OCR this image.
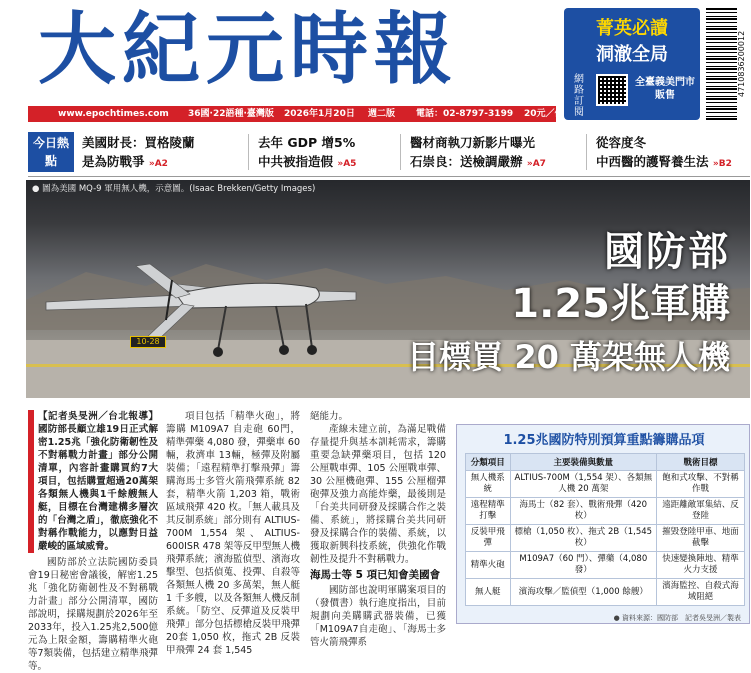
大紀元時報	菁英必讀
洞澈全局
網路訂閱
全臺義美門市販售	4710836200012
www.epochtimes.com 36國·22語種·臺灣版 2026年1月20日 週二版 電話：02-8797-3199 20元／份
今日熱點
美國財長：買格陵蘭
是為防戰爭 »A2
去年 GDP 增5%
中共被指造假 »A5
醫材商執刀新影片曝光
石崇良：送檢調嚴辦 »A7
從容度冬
中西醫的護腎養生法 »B2
● 圖為美國 MQ-9 軍用無人機，示意圖。(Isaac Brekken/Getty Images)
10-28
國防部
1.25兆軍購
目標買 20 萬架無人機
【記者吳旻洲／台北報導】國防部長顧立雄19日正式解密1.25兆「強化防衛韌性及不對稱戰力計畫」部分公開清單，內容計畫購買約7大項目，包括購置超過20萬架各類無人機與1千餘艘無人艇，目標在台灣建構多層次的「台灣之盾」，徹底強化不對稱作戰能力，以應對日益嚴峻的區域威脅。
國防部於立法院國防委員會19日秘密會議後，解密1.25兆「強化防衛韌性及不對稱戰力計畫」部分公開清單，國防部說明，採購規劃於2026年至2033年，投入1.25兆2,500億元為上限金額，籌購精準火砲等7類裝備，包括建立精準飛彈等。
項目包括「精準火砲」，將籌購 M109A7 自走砲 60門，精準彈藥 4,080 發，彈藥車 60輛，救濟車 13輛，極彈及附屬裝備；「遠程精準打擊飛彈」籌購海馬士多管火箭飛彈系統 82 套，精準火箭 1,203 箱，戰術區域飛彈 420 枚。「無人載具及其反制系統」部分則有 ALTIUS-700M 1,554 架、ALTIUS-600ISR 478 架等反甲型無人機飛彈系統；濱海監偵型、濱海攻擊型、包括偵蒐、投彈、自殺等各類無人機 20 多萬架，無人艇 1 千多艘，以及各類無人機反制系統。「防空、反彈道及反裝甲飛彈」部分包括標槍反裝甲飛彈 20套 1,050 枚，拖式 2B 反裝甲飛彈 24 套 1,545
絕能力。
產線未建立前，為滿足戰備存量提升與基本訓耗需求，籌購重要急缺彈藥項目，包括 120 公厘戰車彈、105 公厘戰車彈、30 公厘機砲彈、155 公厘榴彈砲彈及強力高能炸藥，最後則是「台美共同研發及採購合作之裝備、系統」，將採購台美共同研發及採購合作的裝備、系統，以獲取新興科技系統，供強化作戰韌性及提升不對稱戰力。
海馬士等 5 項已知會美國會
國防部也說明軍購案項目的（發價書）執行進度指出，目前規劃向美購購武器裝備，已獲「M109A7自走砲」、「海馬士多管火箭飛彈系
1.25兆國防特別預算重點籌購品項
分類項目	主要裝備與數量	戰術目標
無人機系統	ALTIUS-700M（1,554 架）、各類無人機 20 萬架	飽和式攻擊、不對稱作戰
遠程精準打擊	海馬士（82 套）、戰術飛彈（420 枚）	遠距離敵軍集結、反登陸
反裝甲飛彈	標槍（1,050 枚）、拖式 2B（1,545 枚）	摧毀登陸甲車、地面截擊
精準火砲	M109A7（60 門）、彈藥（4,080 發）	快速變換陣地、精準火力支援
無人艇	濱海攻擊／監偵型（1,000 餘艘）	濱海監控、自殺式海域阻絕
● 資料來源：國防部　記者吳旻洲／製表
